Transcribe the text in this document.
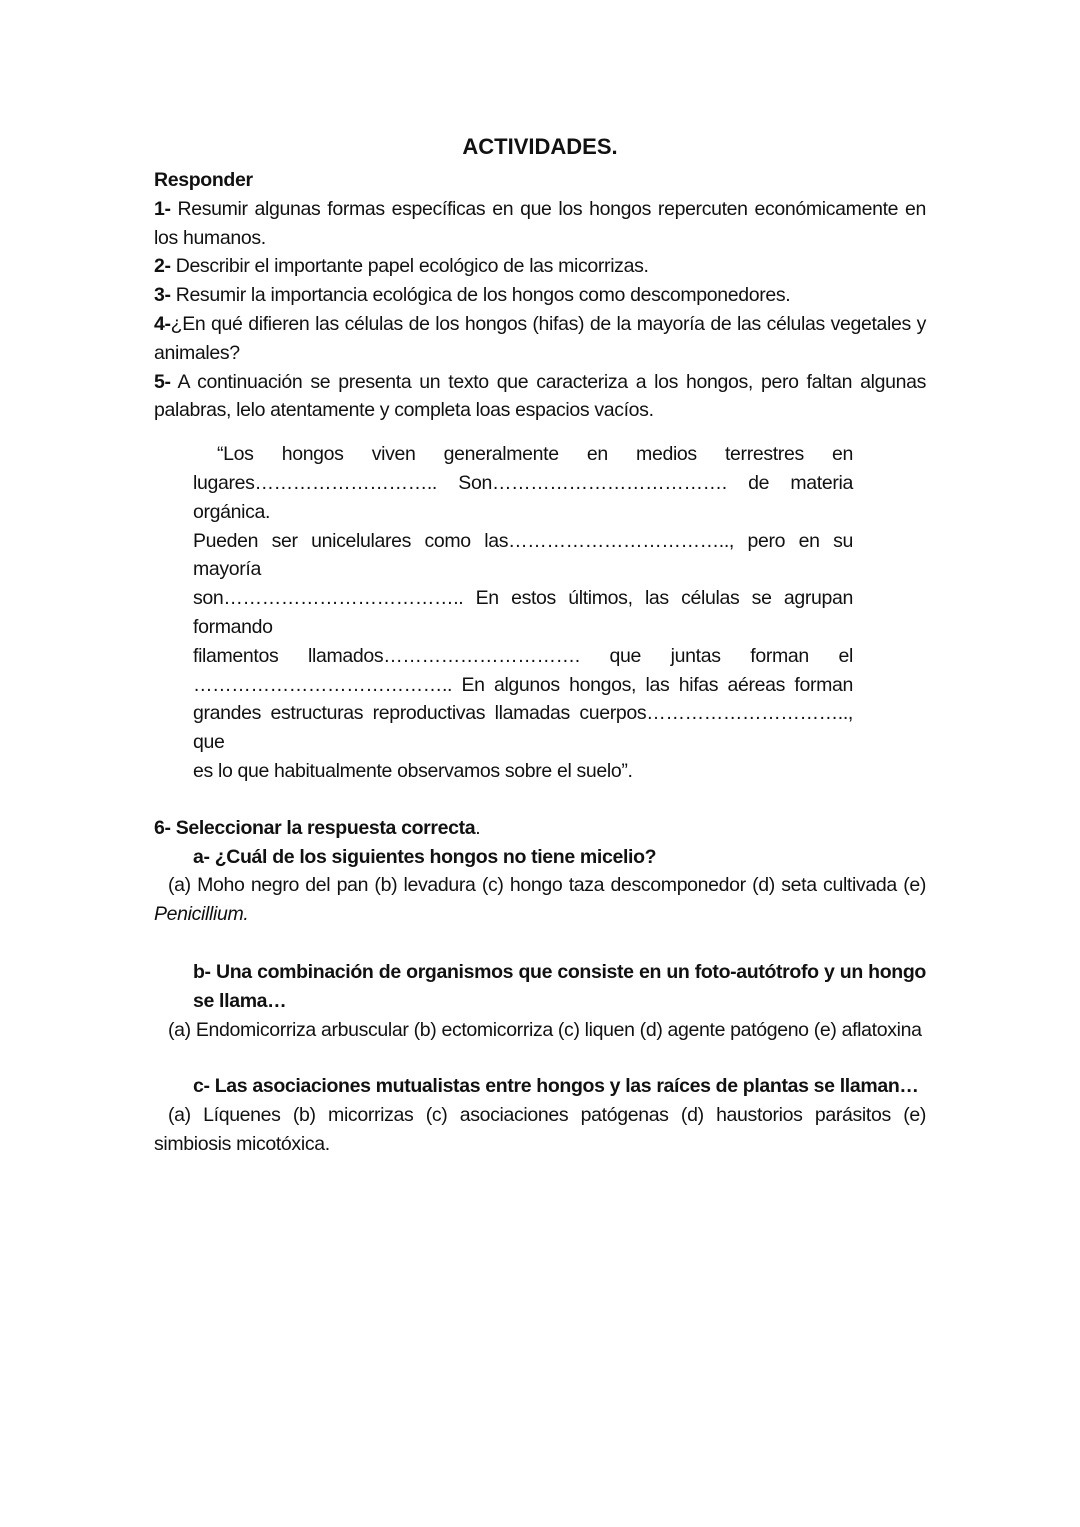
ACTIVIDADES.

Responder

1- Resumir algunas formas específicas en que los hongos repercuten económicamente en los humanos.

2- Describir el importante papel ecológico de las micorrizas.

3- Resumir la importancia ecológica de los hongos como descomponedores.

4-¿En qué difieren las células de los hongos (hifas) de la mayoría de las células vegetales y animales?

5- A continuación se presenta un texto que caracteriza a los hongos, pero faltan algunas palabras, lelo atentamente y completa loas espacios vacíos.

“Los hongos viven generalmente en medios terrestres en

lugares……………………….. Son………………………………. de materia orgánica.

Pueden ser unicelulares como las…………………………….., pero en su mayoría

son……………………………….. En estos últimos, las células se agrupan formando

filamentos llamados…………………………. que juntas forman el

………………………………….. En algunos hongos, las hifas aéreas forman

grandes estructuras reproductivas llamadas cuerpos………………………….., que

es lo que habitualmente observamos sobre el suelo”.

6- Seleccionar la respuesta correcta.

a- ¿Cuál de los siguientes hongos no tiene micelio?

(a) Moho negro del pan (b) levadura (c) hongo taza descomponedor (d) seta cultivada (e) Penicillium.

b- Una combinación de organismos que consiste en un foto-autótrofo y un hongo se llama…

(a) Endomicorriza arbuscular (b) ectomicorriza (c) liquen (d) agente patógeno (e) aflatoxina

c- Las asociaciones mutualistas entre hongos y las raíces de plantas se llaman…

(a) Líquenes (b) micorrizas (c) asociaciones patógenas (d) haustorios parásitos (e) simbiosis micotóxica.
